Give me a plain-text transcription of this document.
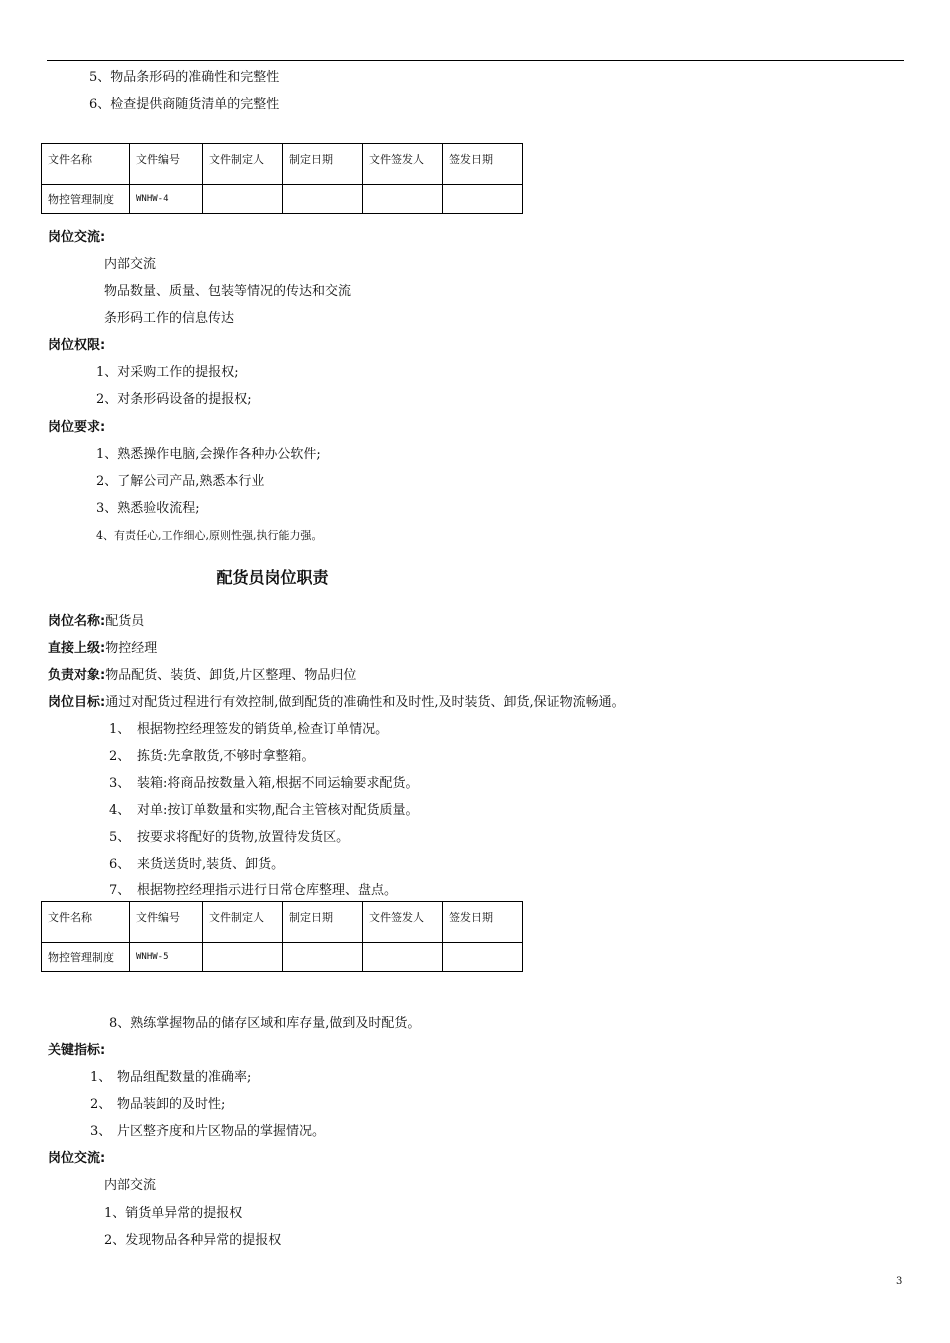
5、物品条形码的准确性和完整性
6、检查提供商随货清单的完整性
文件名称	文件编号	文件制定人	制定日期	文件签发人	签发日期
物控管理制度	WNHW-4				
岗位交流:
内部交流
物品数量、质量、包装等情况的传达和交流
条形码工作的信息传达
岗位权限:
1、对采购工作的提报权;
2、对条形码设备的提报权;
岗位要求:
1、熟悉操作电脑,会操作各种办公软件;
2、了解公司产品,熟悉本行业
3、熟悉验收流程;
4、有责任心,工作细心,原则性强,执行能力强。
配货员岗位职责
岗位名称:配货员
直接上级:物控经理
负责对象:物品配货、装货、卸货,片区整理、物品归位
岗位目标:通过对配货过程进行有效控制,做到配货的准确性和及时性,及时装货、卸货,保证物流畅通。
1、 根据物控经理签发的销货单,检查订单情况。
2、 拣货:先拿散货,不够时拿整箱。
3、 装箱:将商品按数量入箱,根据不同运输要求配货。
4、 对单:按订单数量和实物,配合主管核对配货质量。
5、 按要求将配好的货物,放置待发货区。
6、 来货送货时,装货、卸货。
7、 根据物控经理指示进行日常仓库整理、盘点。
文件名称	文件编号	文件制定人	制定日期	文件签发人	签发日期
物控管理制度	WNHW-5				
8、熟练掌握物品的储存区域和库存量,做到及时配货。
关键指标:
1、 物品组配数量的准确率;
2、 物品装卸的及时性;
3、 片区整齐度和片区物品的掌握情况。
岗位交流:
内部交流
1、销货单异常的提报权
2、发现物品各种异常的提报权
3
